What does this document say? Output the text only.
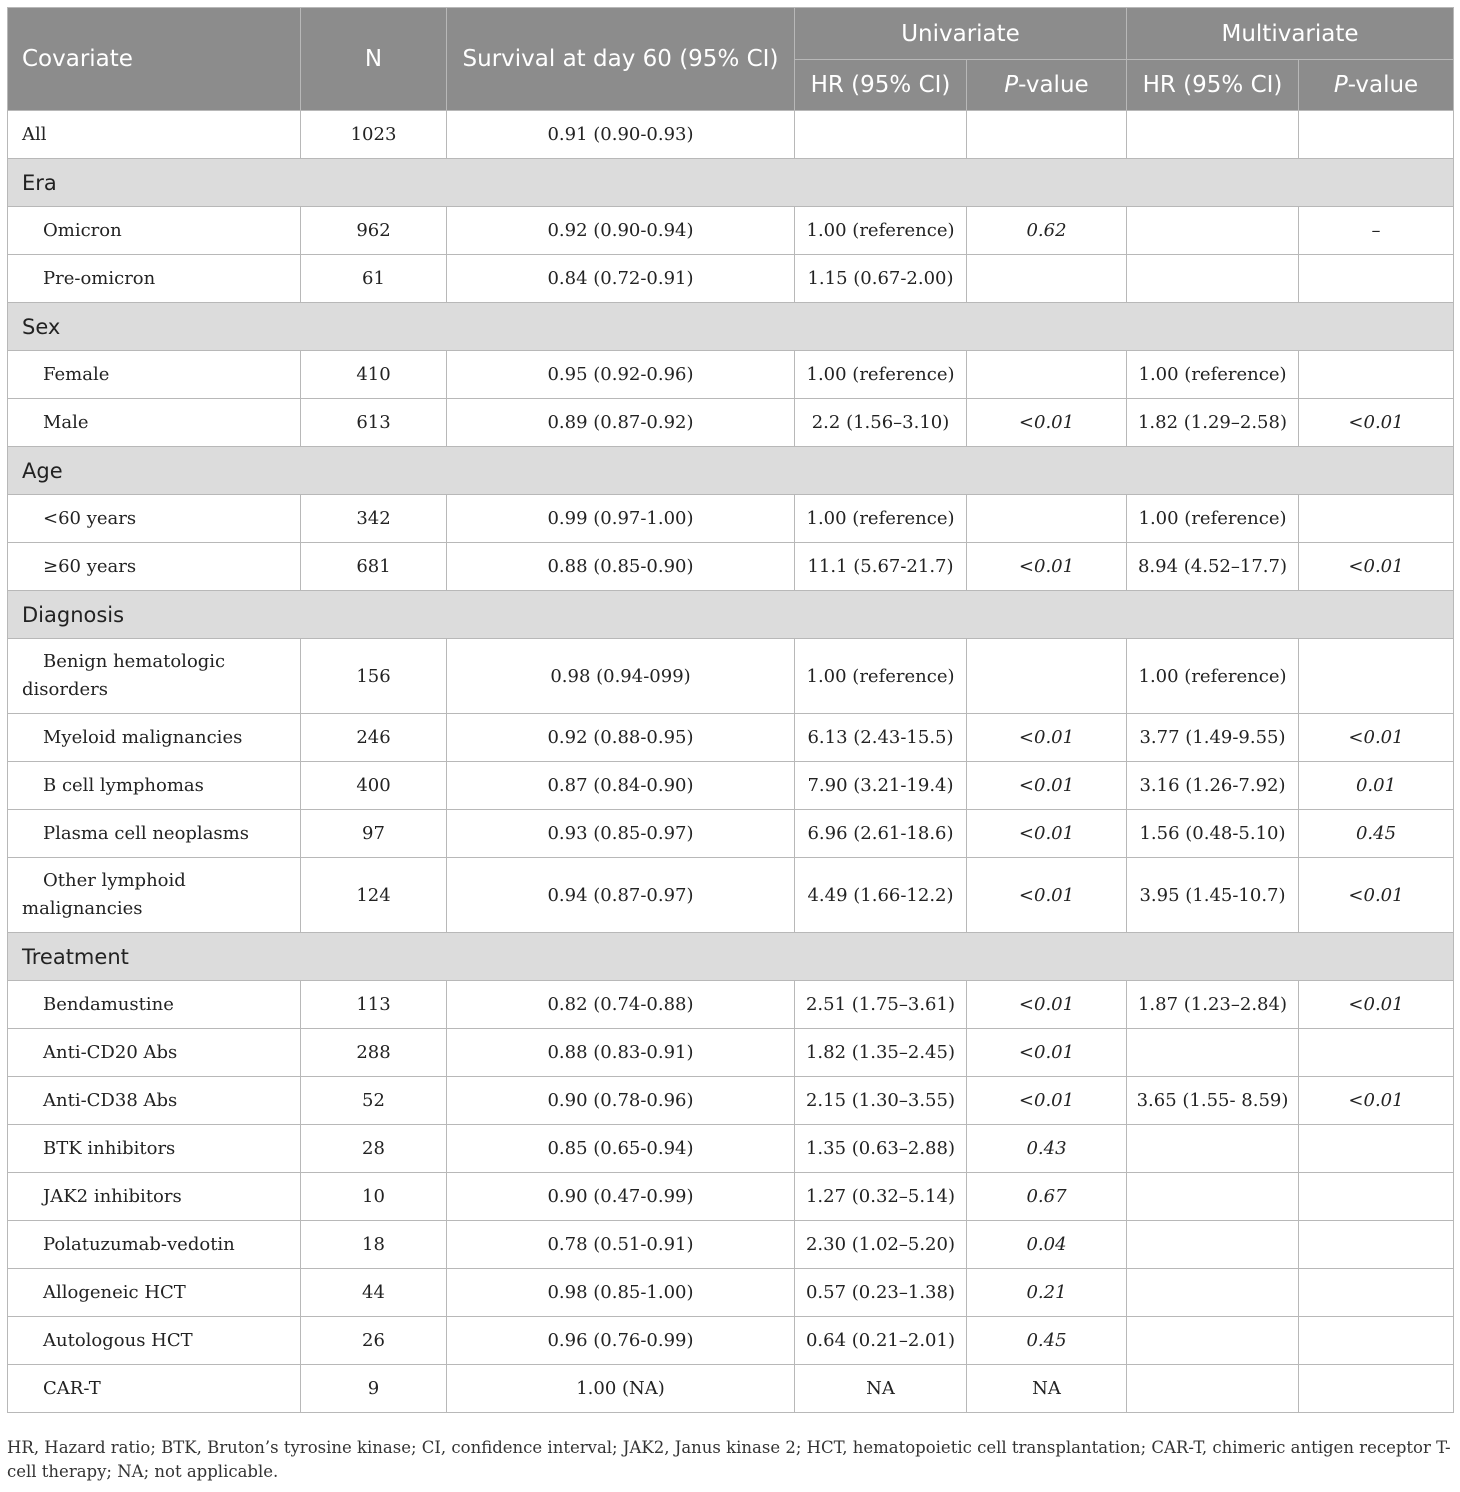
Covariate	N	Survival at day 60 (95% CI)	Univariate		Multivariate	
			HR (95% CI)	P-value	HR (95% CI)	P-value
All	1023	0.91 (0.90-0.93)				
Era						
Omicron	962	0.92 (0.90-0.94)	1.00 (reference)	0.62		–
Pre-omicron	61	0.84 (0.72-0.91)	1.15 (0.67-2.00)			
Sex						
Female	410	0.95 (0.92-0.96)	1.00 (reference)		1.00 (reference)	
Male	613	0.89 (0.87-0.92)	2.2 (1.56–3.10)	<0.01	1.82 (1.29–2.58)	<0.01
Age						
<60 years	342	0.99 (0.97-1.00)	1.00 (reference)		1.00 (reference)	
≥60 years	681	0.88 (0.85-0.90)	11.1 (5.67-21.7)	<0.01	8.94 (4.52–17.7)	<0.01
Diagnosis						
Benign hematologic disorders	156	0.98 (0.94-099)	1.00 (reference)		1.00 (reference)	
Myeloid malignancies	246	0.92 (0.88-0.95)	6.13 (2.43-15.5)	<0.01	3.77 (1.49-9.55)	<0.01
B cell lymphomas	400	0.87 (0.84-0.90)	7.90 (3.21-19.4)	<0.01	3.16 (1.26-7.92)	0.01
Plasma cell neoplasms	97	0.93 (0.85-0.97)	6.96 (2.61-18.6)	<0.01	1.56 (0.48-5.10)	0.45
Other lymphoid malignancies	124	0.94 (0.87-0.97)	4.49 (1.66-12.2)	<0.01	3.95 (1.45-10.7)	<0.01
Treatment						
Bendamustine	113	0.82 (0.74-0.88)	2.51 (1.75–3.61)	<0.01	1.87 (1.23–2.84)	<0.01
Anti-CD20 Abs	288	0.88 (0.83-0.91)	1.82 (1.35–2.45)	<0.01		
Anti-CD38 Abs	52	0.90 (0.78-0.96)	2.15 (1.30–3.55)	<0.01	3.65 (1.55- 8.59)	<0.01
BTK inhibitors	28	0.85 (0.65-0.94)	1.35 (0.63–2.88)	0.43		
JAK2 inhibitors	10	0.90 (0.47-0.99)	1.27 (0.32–5.14)	0.67		
Polatuzumab-vedotin	18	0.78 (0.51-0.91)	2.30 (1.02–5.20)	0.04		
Allogeneic HCT	44	0.98 (0.85-1.00)	0.57 (0.23–1.38)	0.21		
Autologous HCT	26	0.96 (0.76-0.99)	0.64 (0.21–2.01)	0.45		
CAR-T	9	1.00 (NA)	NA	NA		
HR, Hazard ratio; BTK, Bruton’s tyrosine kinase; CI, confidence interval; JAK2, Janus kinase 2; HCT, hematopoietic cell transplantation; CAR-T, chimeric antigen receptor T-cell therapy; NA; not applicable.
